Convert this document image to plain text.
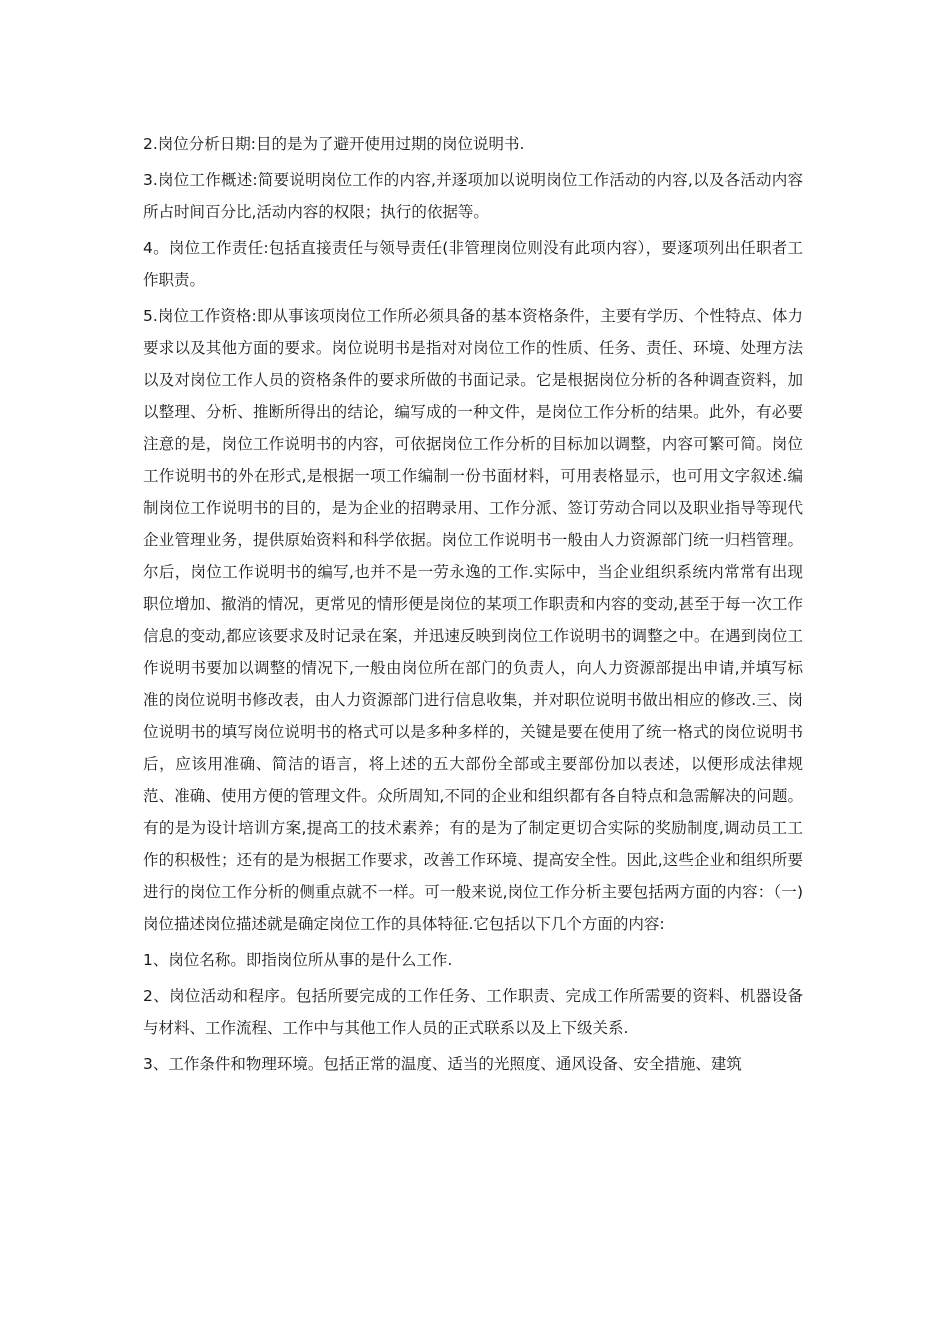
2.岗位分析日期:目的是为了避开使用过期的岗位说明书.

3.岗位工作概述:简要说明岗位工作的内容,并逐项加以说明岗位工作活动的内容,以及各活动内容所占时间百分比,活动内容的权限；执行的依据等。

4。岗位工作责任:包括直接责任与领导责任(非管理岗位则没有此项内容），要逐项列出任职者工作职责。

5.岗位工作资格:即从事该项岗位工作所必须具备的基本资格条件，主要有学历、个性特点、体力要求以及其他方面的要求。岗位说明书是指对对岗位工作的性质、任务、责任、环境、处理方法以及对岗位工作人员的资格条件的要求所做的书面记录。它是根据岗位分析的各种调查资料，加以整理、分析、推断所得出的结论，编写成的一种文件，是岗位工作分析的结果。此外，有必要注意的是，岗位工作说明书的内容，可依据岗位工作分析的目标加以调整，内容可繁可简。岗位工作说明书的外在形式,是根据一项工作编制一份书面材料，可用表格显示，也可用文字叙述.编制岗位工作说明书的目的，是为企业的招聘录用、工作分派、签订劳动合同以及职业指导等现代企业管理业务，提供原始资料和科学依据。岗位工作说明书一般由人力资源部门统一归档管理。尔后，岗位工作说明书的编写,也并不是一劳永逸的工作.实际中，当企业组织系统内常常有出现职位增加、撤消的情况，更常见的情形便是岗位的某项工作职责和内容的变动,甚至于每一次工作信息的变动,都应该要求及时记录在案，并迅速反映到岗位工作说明书的调整之中。在遇到岗位工作说明书要加以调整的情况下,一般由岗位所在部门的负责人，向人力资源部提出申请,并填写标准的岗位说明书修改表，由人力资源部门进行信息收集，并对职位说明书做出相应的修改.三、岗位说明书的填写岗位说明书的格式可以是多种多样的，关键是要在使用了统一格式的岗位说明书后，应该用准确、简洁的语言，将上述的五大部份全部或主要部份加以表述，以便形成法律规范、准确、使用方便的管理文件。众所周知,不同的企业和组织都有各自特点和急需解决的问题。有的是为设计培训方案,提高工的技术素养；有的是为了制定更切合实际的奖励制度,调动员工工作的积极性；还有的是为根据工作要求，改善工作环境、提高安全性。因此,这些企业和组织所要进行的岗位工作分析的侧重点就不一样。可一般来说,岗位工作分析主要包括两方面的内容：（一)岗位描述岗位描述就是确定岗位工作的具体特征.它包括以下几个方面的内容:

1、岗位名称。即指岗位所从事的是什么工作.

2、岗位活动和程序。包括所要完成的工作任务、工作职责、完成工作所需要的资料、机器设备与材料、工作流程、工作中与其他工作人员的正式联系以及上下级关系.

3、工作条件和物理环境。包括正常的温度、适当的光照度、通风设备、安全措施、建筑
